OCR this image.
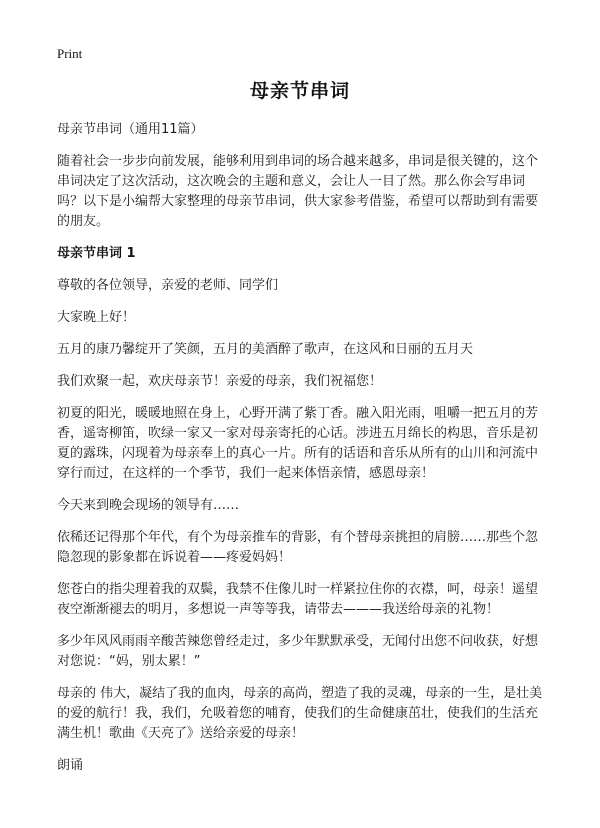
Print
母亲节串词

母亲节串词（通用11篇）

随着社会一步步向前发展，能够利用到串词的场合越来越多，串词是很关键的，这个串词决定了这次活动，这次晚会的主题和意义，会让人一目了然。那么你会写串词吗？以下是小编帮大家整理的母亲节串词，供大家参考借鉴，希望可以帮助到有需要的朋友。

母亲节串词 1

尊敬的各位领导，亲爱的老师、同学们

大家晚上好！

五月的康乃馨绽开了笑颜，五月的美酒醉了歌声，在这风和日丽的五月天

我们欢聚一起，欢庆母亲节！亲爱的母亲，我们祝福您！

初夏的阳光，暖暖地照在身上，心野开满了紫丁香。融入阳光雨，咀嚼一把五月的芳香，遥寄柳笛，吹绿一家又一家对母亲寄托的心话。涉进五月绵长的构思，音乐是初夏的露珠，闪现着为母亲奉上的真心一片。所有的话语和音乐从所有的山川和河流中穿行而过，在这样的一个季节，我们一起来体悟亲情，感恩母亲！

今天来到晚会现场的领导有……

依稀还记得那个年代，有个为母亲推车的背影，有个替母亲挑担的肩膀……那些个忽隐忽现的影象都在诉说着——疼爱妈妈！

您苍白的指尖理着我的双鬓，我禁不住像儿时一样紧拉住你的衣襟，呵，母亲！遥望夜空渐渐褪去的明月，多想说一声等等我，请带去———我送给母亲的礼物！

多少年风风雨雨辛酸苦辣您曾经走过，多少年默默承受，无闻付出您不问收获，好想对您说：“妈，别太累！”

母亲的 伟大，凝结了我的血肉，母亲的高尚，塑造了我的灵魂，母亲的一生，是壮美的爱的航行！我，我们，允吸着您的哺育，使我们的生命健康茁壮，使我们的生活充满生机！歌曲《天亮了》送给亲爱的母亲！

朗诵
